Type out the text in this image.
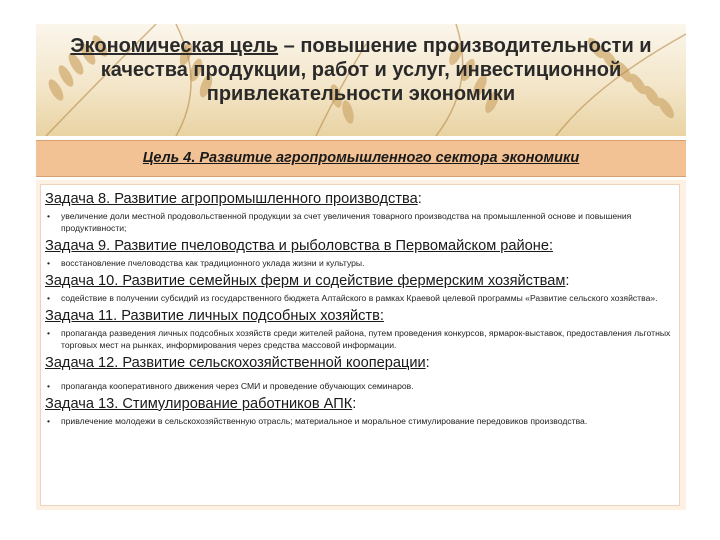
Экономическая цель – повышение производительности и качества продукции, работ и услуг, инвестиционной привлекательности экономики
Цель 4. Развитие агропромышленного сектора экономики

Задача 8. Развитие агропромышленного производства:

• увеличение доли местной продовольственной продукции за счет увеличения товарного производства на промышленной основе и повышения продуктивности;

Задача 9. Развитие пчеловодства и рыболовства в Первомайском районе:

• восстановление пчеловодства как традиционного уклада жизни и культуры.

Задача 10. Развитие семейных ферм и содействие фермерским хозяйствам:

• содействие в получении субсидий из государственного бюджета Алтайского в рамках Краевой целевой программы «Развитие сельского хозяйства».

Задача 11. Развитие личных подсобных хозяйств:

• пропаганда разведения личных подсобных хозяйств среди жителей района, путем проведения конкурсов, ярмарок-выставок, предоставления льготных торговых мест на рынках, информирования через средства массовой информации.

Задача 12. Развитие сельскохозяйственной кооперации:

• пропаганда кооперативного движения через СМИ и проведение обучающих семинаров.

Задача 13. Стимулирование работников АПК:

• привлечение молодежи в сельскохозяйственную отрасль; материальное и моральное стимулирование передовиков производства.
